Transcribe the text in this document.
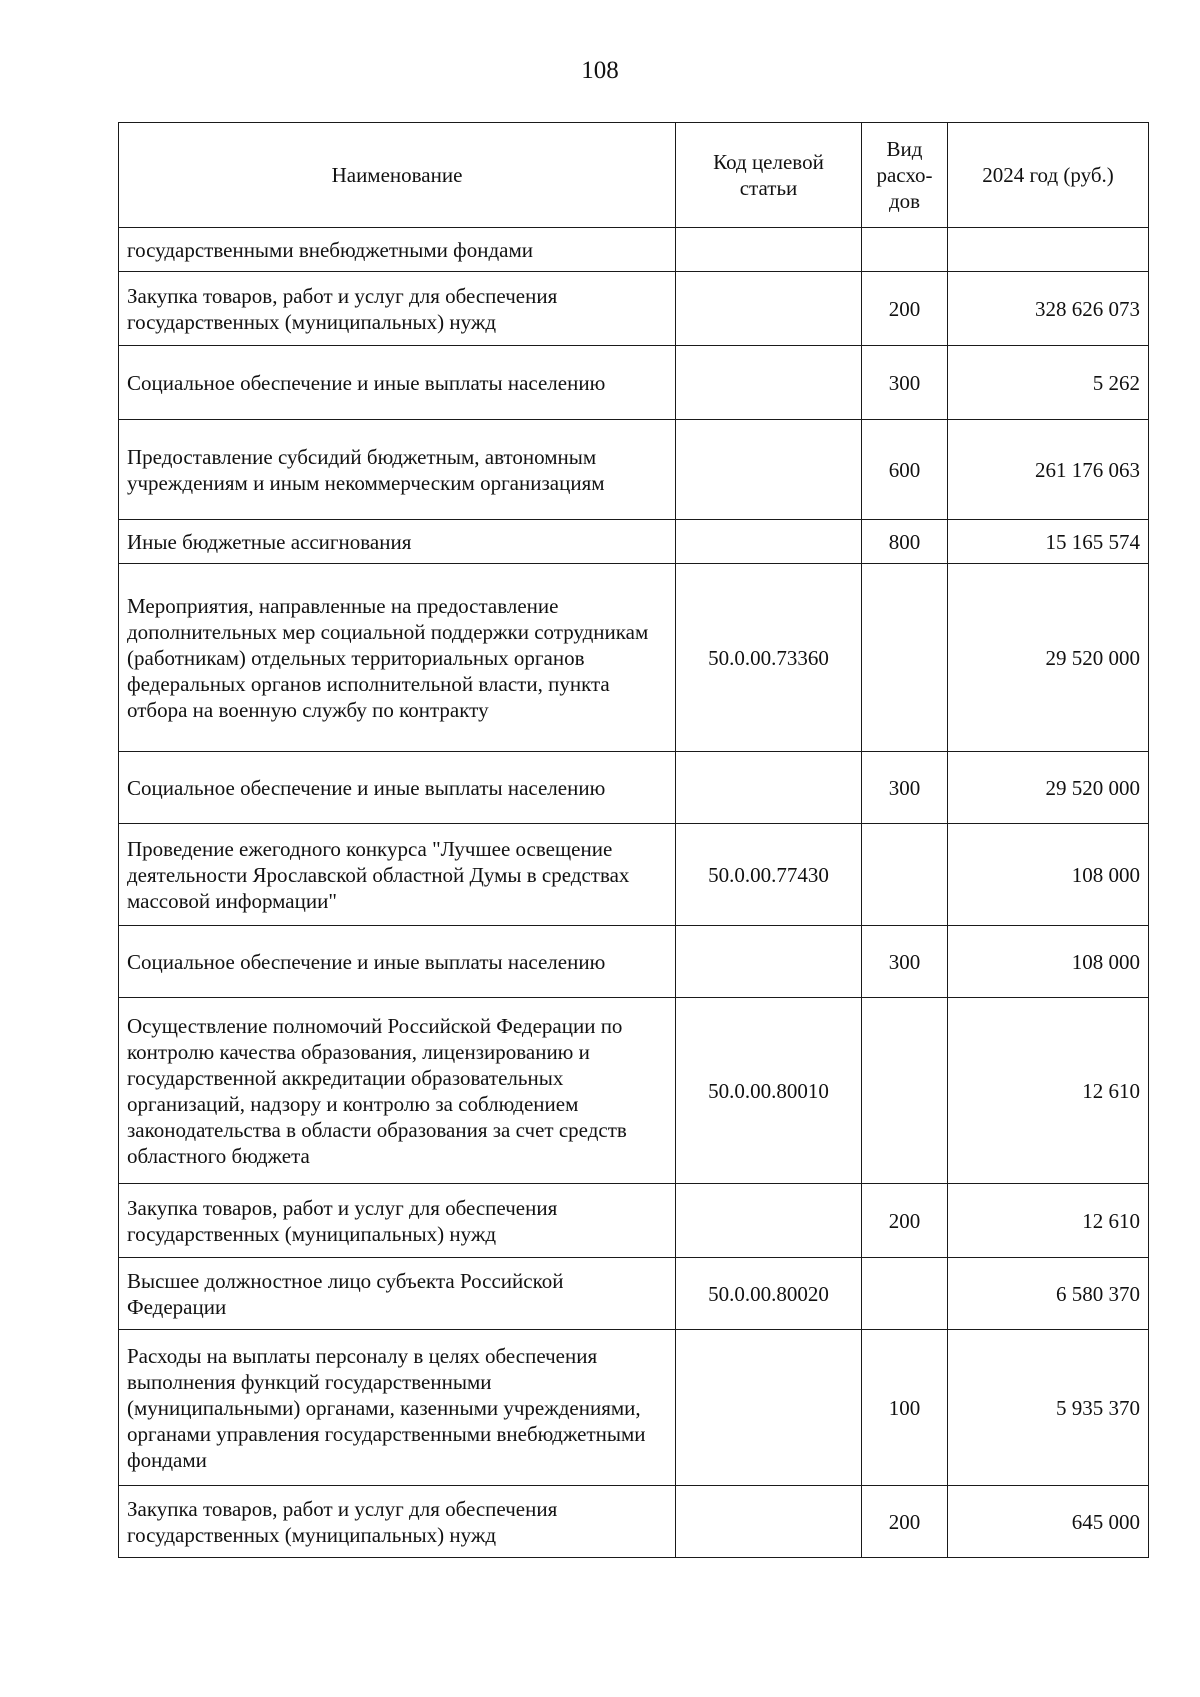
108
Наименование	Код целевой статьи	Вид расхо-дов	2024 год (руб.)
государственными внебюджетными фондами			
Закупка товаров, работ и услуг для обеспечения государственных (муниципальных) нужд		200	328 626 073
Социальное обеспечение и иные выплаты населению		300	5 262
Предоставление субсидий бюджетным, автономным учреждениям и иным некоммерческим организациям		600	261 176 063
Иные бюджетные ассигнования		800	15 165 574
Мероприятия, направленные на предоставление дополнительных мер социальной поддержки сотрудникам (работникам) отдельных территориальных органов федеральных органов исполнительной власти, пункта отбора на военную службу по контракту	50.0.00.73360		29 520 000
Социальное обеспечение и иные выплаты населению		300	29 520 000
Проведение ежегодного конкурса "Лучшее освещение деятельности Ярославской областной Думы в средствах массовой информации"	50.0.00.77430		108 000
Социальное обеспечение и иные выплаты населению		300	108 000
Осуществление полномочий Российской Федерации по контролю качества образования, лицензированию и государственной аккредитации образовательных организаций, надзору и контролю за соблюдением законодательства в области образования за счет средств областного бюджета	50.0.00.80010		12 610
Закупка товаров, работ и услуг для обеспечения государственных (муниципальных) нужд		200	12 610
Высшее должностное лицо субъекта Российской Федерации	50.0.00.80020		6 580 370
Расходы на выплаты персоналу в целях обеспечения выполнения функций государственными (муниципальными) органами, казенными учреждениями, органами управления государственными внебюджетными фондами		100	5 935 370
Закупка товаров, работ и услуг для обеспечения государственных (муниципальных) нужд		200	645 000
